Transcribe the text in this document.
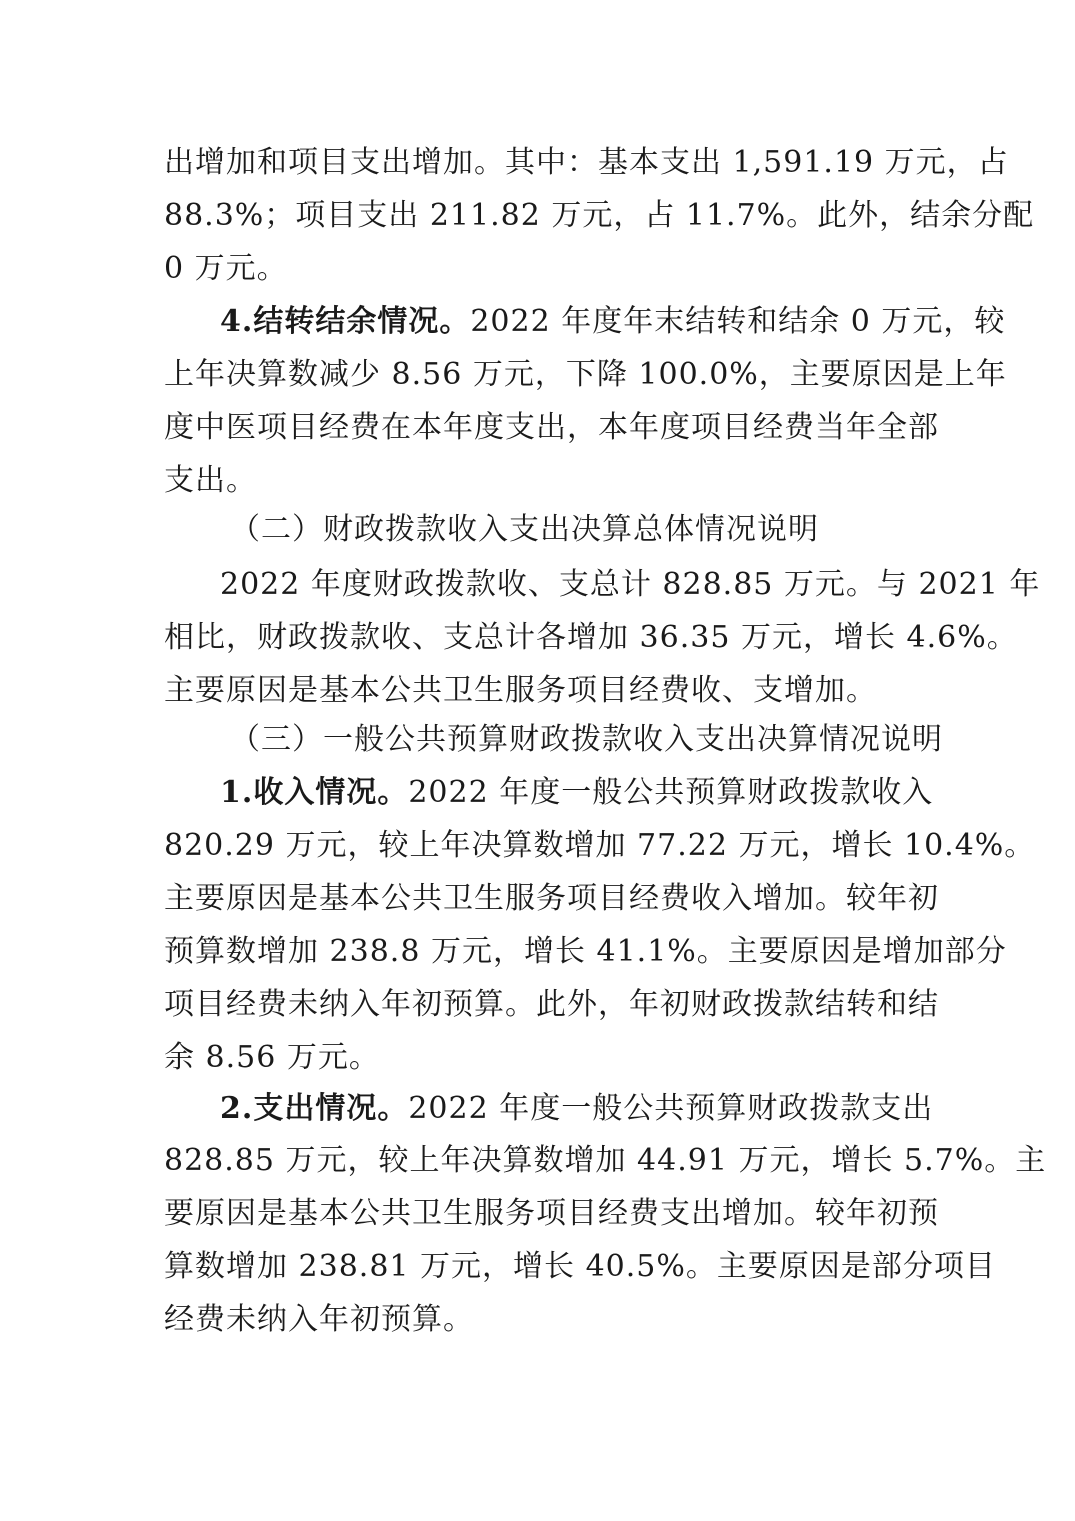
出增加和项目支出增加。其中：基本支出 1,591.19 万元，占
88.3%；项目支出 211.82 万元，占 11.7%。此外，结余分配
0 万元。
4.结转结余情况。2022 年度年末结转和结余 0 万元，较
上年决算数减少 8.56 万元，下降 100.0%，主要原因是上年
度中医项目经费在本年度支出，本年度项目经费当年全部
支出。
（二）财政拨款收入支出决算总体情况说明
2022 年度财政拨款收、支总计 828.85 万元。与 2021 年
相比，财政拨款收、支总计各增加 36.35 万元，增长 4.6%。
主要原因是基本公共卫生服务项目经费收、支增加。
（三）一般公共预算财政拨款收入支出决算情况说明
1.收入情况。2022 年度一般公共预算财政拨款收入
820.29 万元，较上年决算数增加 77.22 万元，增长 10.4%。
主要原因是基本公共卫生服务项目经费收入增加。较年初
预算数增加 238.8 万元，增长 41.1%。主要原因是增加部分
项目经费未纳入年初预算。此外，年初财政拨款结转和结
余 8.56 万元。
2.支出情况。2022 年度一般公共预算财政拨款支出
828.85 万元，较上年决算数增加 44.91 万元，增长 5.7%。主
要原因是基本公共卫生服务项目经费支出增加。较年初预
算数增加 238.81 万元，增长 40.5%。主要原因是部分项目
经费未纳入年初预算。
